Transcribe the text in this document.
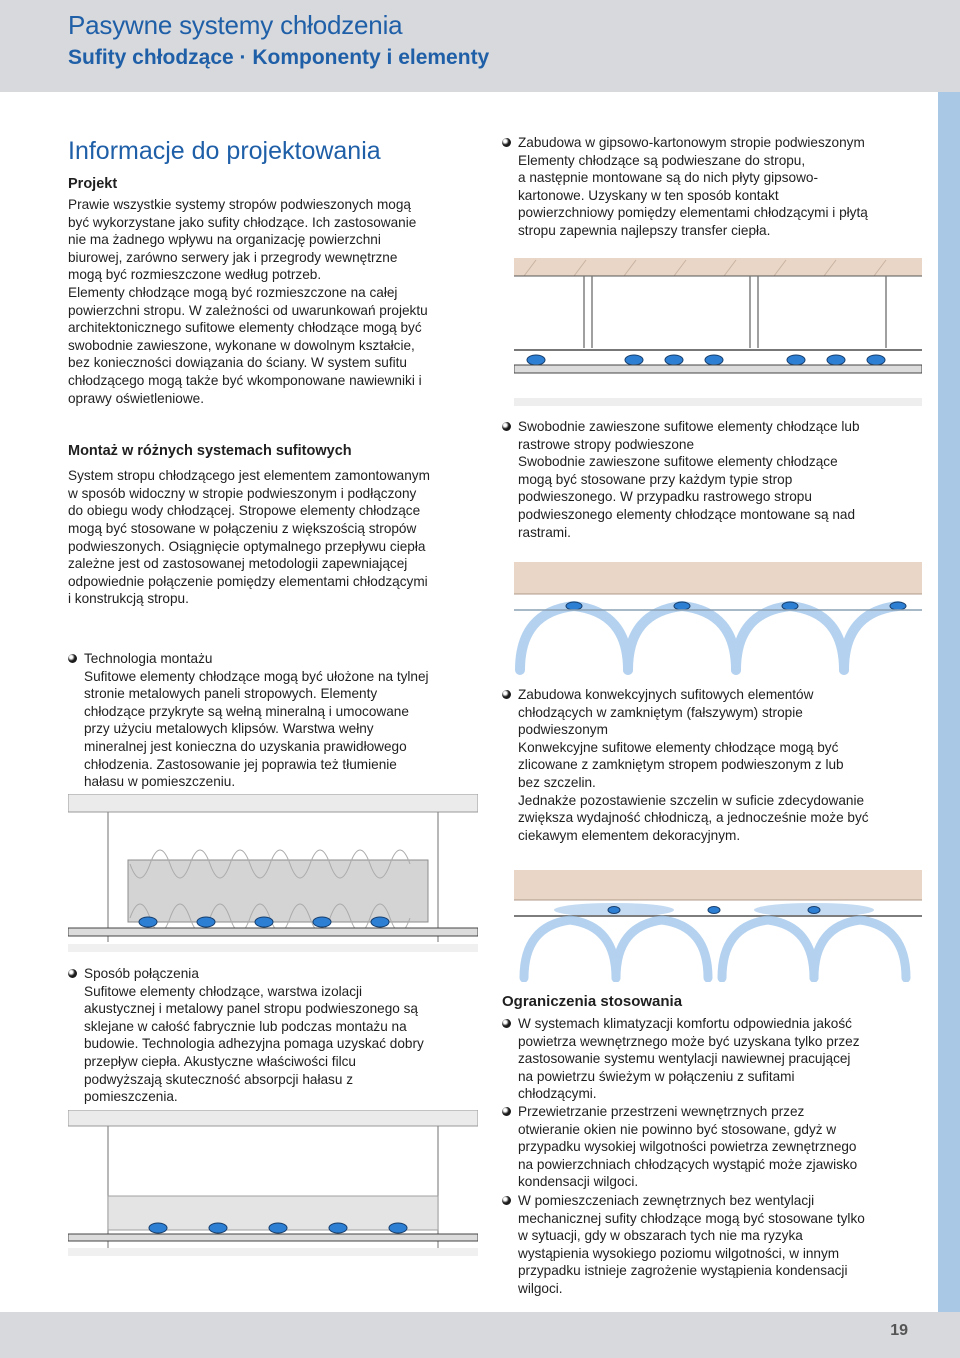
Pasywne systemy chłodzenia
Sufity chłodzące · Komponenty i elementy
Informacje do projektowania
Projekt

Prawie wszystkie systemy stropów podwieszonych mogą

być wykorzystane jako sufity chłodzące. Ich zastosowanie

nie ma żadnego wpływu na organizację powierzchni

biurowej, zarówno serwery jak i przegrody wewnętrzne

mogą być rozmieszczone według potrzeb.

Elementy chłodzące mogą być rozmieszczone na całej

powierzchni stropu. W zależności od uwarunkowań projektu

architektonicznego sufitowe elementy chłodzące mogą być

swobodnie zawieszone, wykonane w dowolnym kształcie,

bez konieczności dowiązania do ściany. W system sufitu

chłodzącego mogą także być wkomponowane nawiewniki i

oprawy oświetleniowe.

Montaż w różnych systemach sufitowych

System stropu chłodzącego jest elementem zamontowanym

w sposób widoczny w stropie podwieszonym i podłączony

do obiegu wody chłodzącej. Stropowe elementy chłodzące

mogą być stosowane w połączeniu z większością stropów

podwieszonych. Osiągnięcie optymalnego przepływu ciepła

zależne jest od zastosowanej metodologii zapewniającej

odpowiednie połączenie pomiędzy elementami chłodzącymi

i konstrukcją stropu.

Zabudowa w gipsowo-kartonowym stropie podwieszonym

Elementy chłodzące są podwieszane do stropu,

a następnie montowane są do nich płyty gipsowo-

kartonowe. Uzyskany w ten sposób kontakt

powierzchniowy pomiędzy elementami chłodzącymi i płytą

stropu zapewnia najlepszy transfer ciepła.

Swobodnie zawieszone sufitowe elementy chłodzące lub

rastrowe stropy podwieszone

Swobodnie zawieszone sufitowe elementy chłodzące

mogą być stosowane przy każdym typie strop

podwieszonego. W przypadku rastrowego stropu

podwieszonego elementy chłodzące montowane są nad

rastrami.

Technologia montażu

Sufitowe elementy chłodzące mogą być ułożone na tylnej

stronie metalowych paneli stropowych. Elementy

chłodzące przykryte są wełną mineralną i umocowane

przy użyciu metalowych klipsów. Warstwa wełny

mineralnej jest konieczna do uzyskania prawidłowego

chłodzenia. Zastosowanie jej poprawia też tłumienie

hałasu w pomieszczeniu.

Zabudowa konwekcyjnych sufitowych elementów

chłodzących w zamkniętym (fałszywym) stropie

podwieszonym

Konwekcyjne sufitowe elementy chłodzące mogą być

zlicowane z zamkniętym stropem podwieszonym z lub

bez szczelin.

Jednakże pozostawienie szczelin w suficie zdecydowanie

zwiększa wydajność chłodniczą, a jednocześnie może być

ciekawym elementem dekoracyjnym.

Sposób połączenia

Sufitowe elementy chłodzące, warstwa izolacji

akustycznej i metalowy panel stropu podwieszonego są

sklejane w całość fabrycznie lub podczas montażu na

budowie. Technologia adhezyjna pomaga uzyskać dobry

przepływ ciepła. Akustyczne właściwości filcu

podwyższają skuteczność absorpcji hałasu z

pomieszczenia.

Ograniczenia stosowania

W systemach klimatyzacji komfortu odpowiednia jakość

powietrza wewnętrznego może być uzyskana tylko przez

zastosowanie systemu wentylacji nawiewnej pracującej

na powietrzu świeżym w połączeniu z sufitami

chłodzącymi.

Przewietrzanie przestrzeni wewnętrznych przez

otwieranie okien nie powinno być stosowane, gdyż w

przypadku wysokiej wilgotności powietrza zewnętrznego

na powierzchniach chłodzących wystąpić może zjawisko

kondensacji wilgoci.

W pomieszczeniach zewnętrznych bez wentylacji

mechanicznej sufity chłodzące mogą być stosowane tylko

w sytuacji, gdy w obszarach tych nie ma ryzyka

wystąpienia wysokiego poziomu wilgotności, w innym

przypadku istnieje zagrożenie wystąpienia kondensacji

wilgoci.

19
